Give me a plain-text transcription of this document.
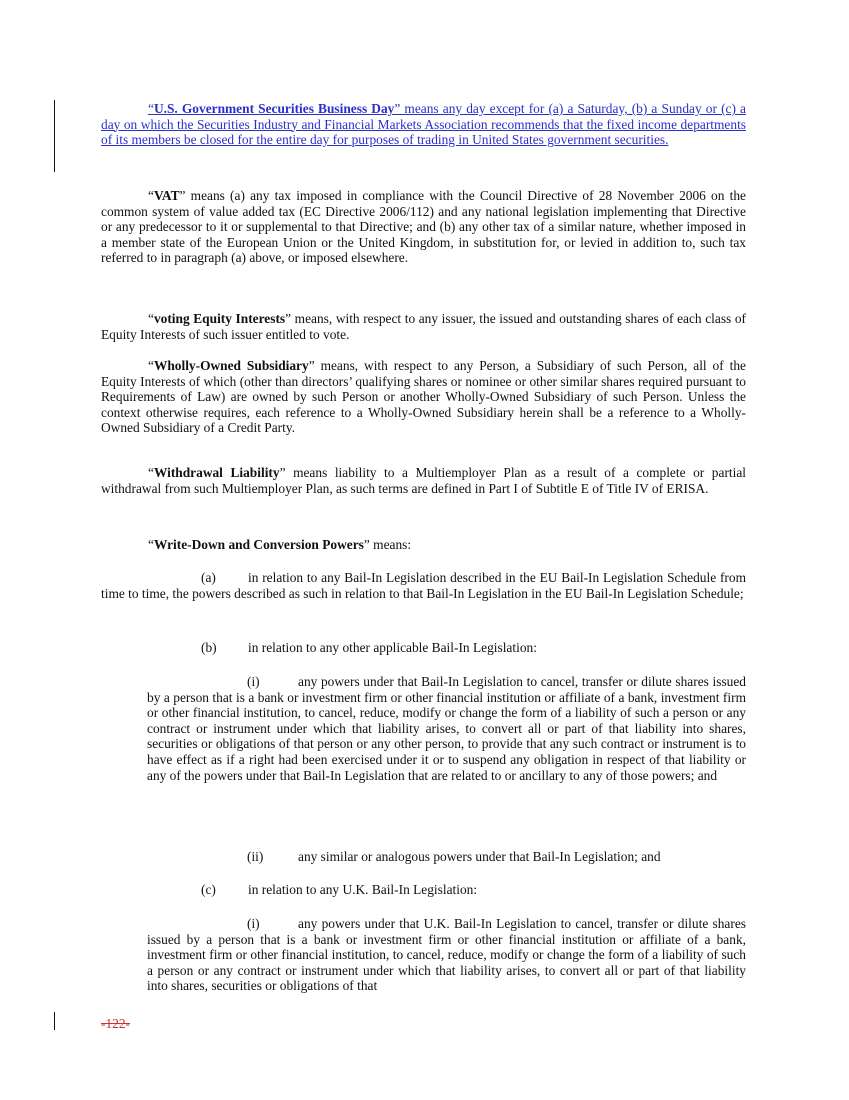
“U.S. Government Securities Business Day” means any day except for (a) a Saturday, (b) a Sunday or (c) a day on which the Securities Industry and Financial Markets Association recommends that the fixed income departments of its members be closed for the entire day for purposes of trading in United States government securities.

“VAT” means (a) any tax imposed in compliance with the Council Directive of 28 November 2006 on the common system of value added tax (EC Directive 2006/112) and any national legislation implementing that Directive or any predecessor to it or supplemental to that Directive; and (b) any other tax of a similar nature, whether imposed in a member state of the European Union or the United Kingdom, in substitution for, or levied in addition to, such tax referred to in paragraph (a) above, or imposed elsewhere.

“voting Equity Interests” means, with respect to any issuer, the issued and outstanding shares of each class of Equity Interests of such issuer entitled to vote.

“Wholly-Owned Subsidiary” means, with respect to any Person, a Subsidiary of such Person, all of the Equity Interests of which (other than directors’ qualifying shares or nominee or other similar shares required pursuant to Requirements of Law) are owned by such Person or another Wholly-Owned Subsidiary of such Person. Unless the context otherwise requires, each reference to a Wholly-Owned Subsidiary herein shall be a reference to a Wholly-Owned Subsidiary of a Credit Party.

“Withdrawal Liability” means liability to a Multiemployer Plan as a result of a complete or partial withdrawal from such Multiemployer Plan, as such terms are defined in Part I of Subtitle E of Title IV of ERISA.

“Write-Down and Conversion Powers” means:

(a) in relation to any Bail-In Legislation described in the EU Bail-In Legislation Schedule from time to time, the powers described as such in relation to that Bail-In Legislation in the EU Bail-In Legislation Schedule;

(b) in relation to any other applicable Bail-In Legislation:

(i)	any powers under that Bail-In Legislation to cancel, transfer or dilute shares issued by a person that is a bank or investment firm or other financial institution or affiliate of a bank, investment firm or other financial institution, to cancel, reduce, modify or change the form of a liability of such a person or any contract or instrument under which that liability arises, to convert all or part of that liability into shares, securities or obligations of that person or any other person, to provide that any such contract or instrument is to have effect as if a right had been exercised under it or to suspend any obligation in respect of that liability or any of the powers under that Bail-In Legislation that are related to or ancillary to any of those powers; and

(ii)	any similar or analogous powers under that Bail-In Legislation; and

(c) in relation to any U.K. Bail-In Legislation:

(i)	any powers under that U.K. Bail-In Legislation to cancel, transfer or dilute shares issued by a person that is a bank or investment firm or other financial institution or affiliate of a bank, investment firm or other financial institution, to cancel, reduce, modify or change the form of a liability of such a person or any contract or instrument under which that liability arises, to convert all or part of that liability into shares, securities or obligations of that

-122-
